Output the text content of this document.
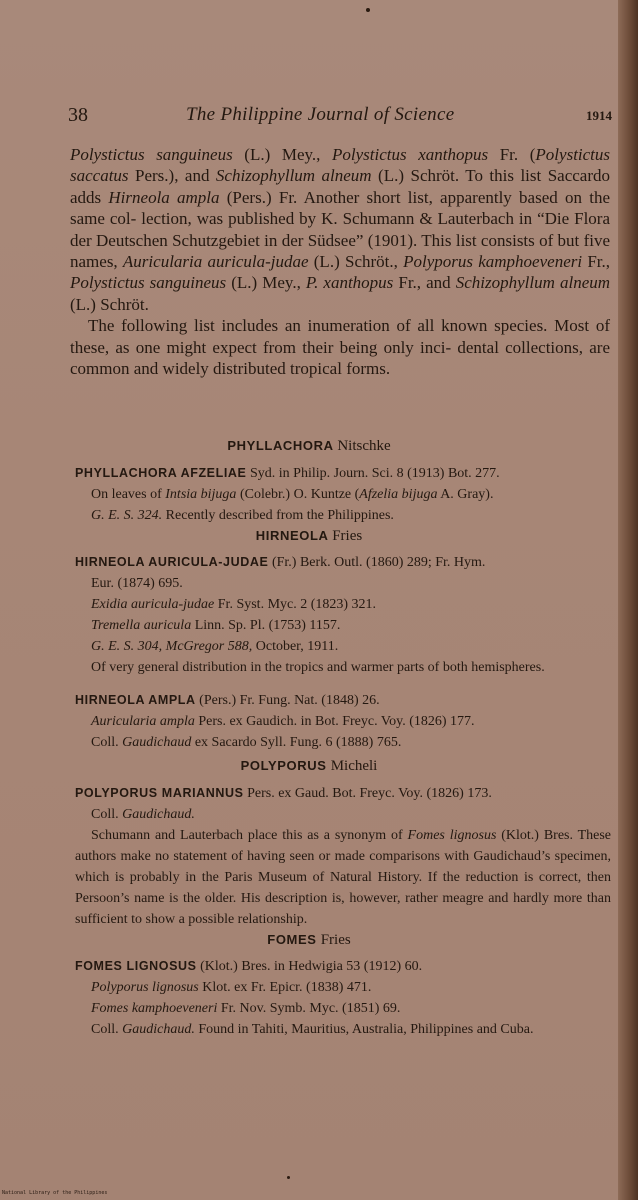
38	The Philippine Journal of Science	1914

Polystictus sanguineus (L.) Mey., Polystictus xanthopus Fr. (Polystictus saccatus Pers.), and Schizophyllum alneum (L.) Schröt. To this list Saccardo adds Hirneola ampla (Pers.) Fr. Another short list, apparently based on the same col- lection, was published by K. Schumann & Lauterbach in “Die Flora der Deutschen Schutzgebiet in der Südsee” (1901). This list consists of but five names, Auricularia auricula-judae (L.) Schröt., Polyporus kamphoeveneri Fr., Polystictus sanguineus (L.) Mey., P. xanthopus Fr., and Schizophyllum alneum (L.) Schröt.

The following list includes an inumeration of all known species. Most of these, as one might expect from their being only inci- dental collections, are common and widely distributed tropical forms.

PHYLLACHORA Nitschke
PHYLLACHORA AFZELIAE Syd. in Philip. Journ. Sci. 8 (1913) Bot. 277.
On leaves of Intsia bijuga (Colebr.) O. Kuntze (Afzelia bijuga A. Gray).
G. E. S. 324. Recently described from the Philippines.
HIRNEOLA Fries
HIRNEOLA AURICULA-JUDAE (Fr.) Berk. Outl. (1860) 289; Fr. Hym.
Eur. (1874) 695.
Exidia auricula-judae Fr. Syst. Myc. 2 (1823) 321.
Tremella auricula Linn. Sp. Pl. (1753) 1157.
G. E. S. 304, McGregor 588, October, 1911.
Of very general distribution in the tropics and warmer parts of both hemispheres.
HIRNEOLA AMPLA (Pers.) Fr. Fung. Nat. (1848) 26.
Auricularia ampla Pers. ex Gaudich. in Bot. Freyc. Voy. (1826) 177.
Coll. Gaudichaud ex Sacardo Syll. Fung. 6 (1888) 765.
POLYPORUS Micheli
POLYPORUS MARIANNUS Pers. ex Gaud. Bot. Freyc. Voy. (1826) 173.
Coll. Gaudichaud.
Schumann and Lauterbach place this as a synonym of Fomes lignosus (Klot.) Bres. These authors make no statement of having seen or made comparisons with Gaudichaud’s specimen, which is probably in the Paris Museum of Natural History. If the reduction is correct, then Persoon’s name is the older. His description is, however, rather meagre and hardly more than sufficient to show a possible relationship.
FOMES Fries
FOMES LIGNOSUS (Klot.) Bres. in Hedwigia 53 (1912) 60.
Polyporus lignosus Klot. ex Fr. Epicr. (1838) 471.
Fomes kamphoeveneri Fr. Nov. Symb. Myc. (1851) 69.
Coll. Gaudichaud. Found in Tahiti, Mauritius, Australia, Philippines and Cuba.
National Library of the Philippines
